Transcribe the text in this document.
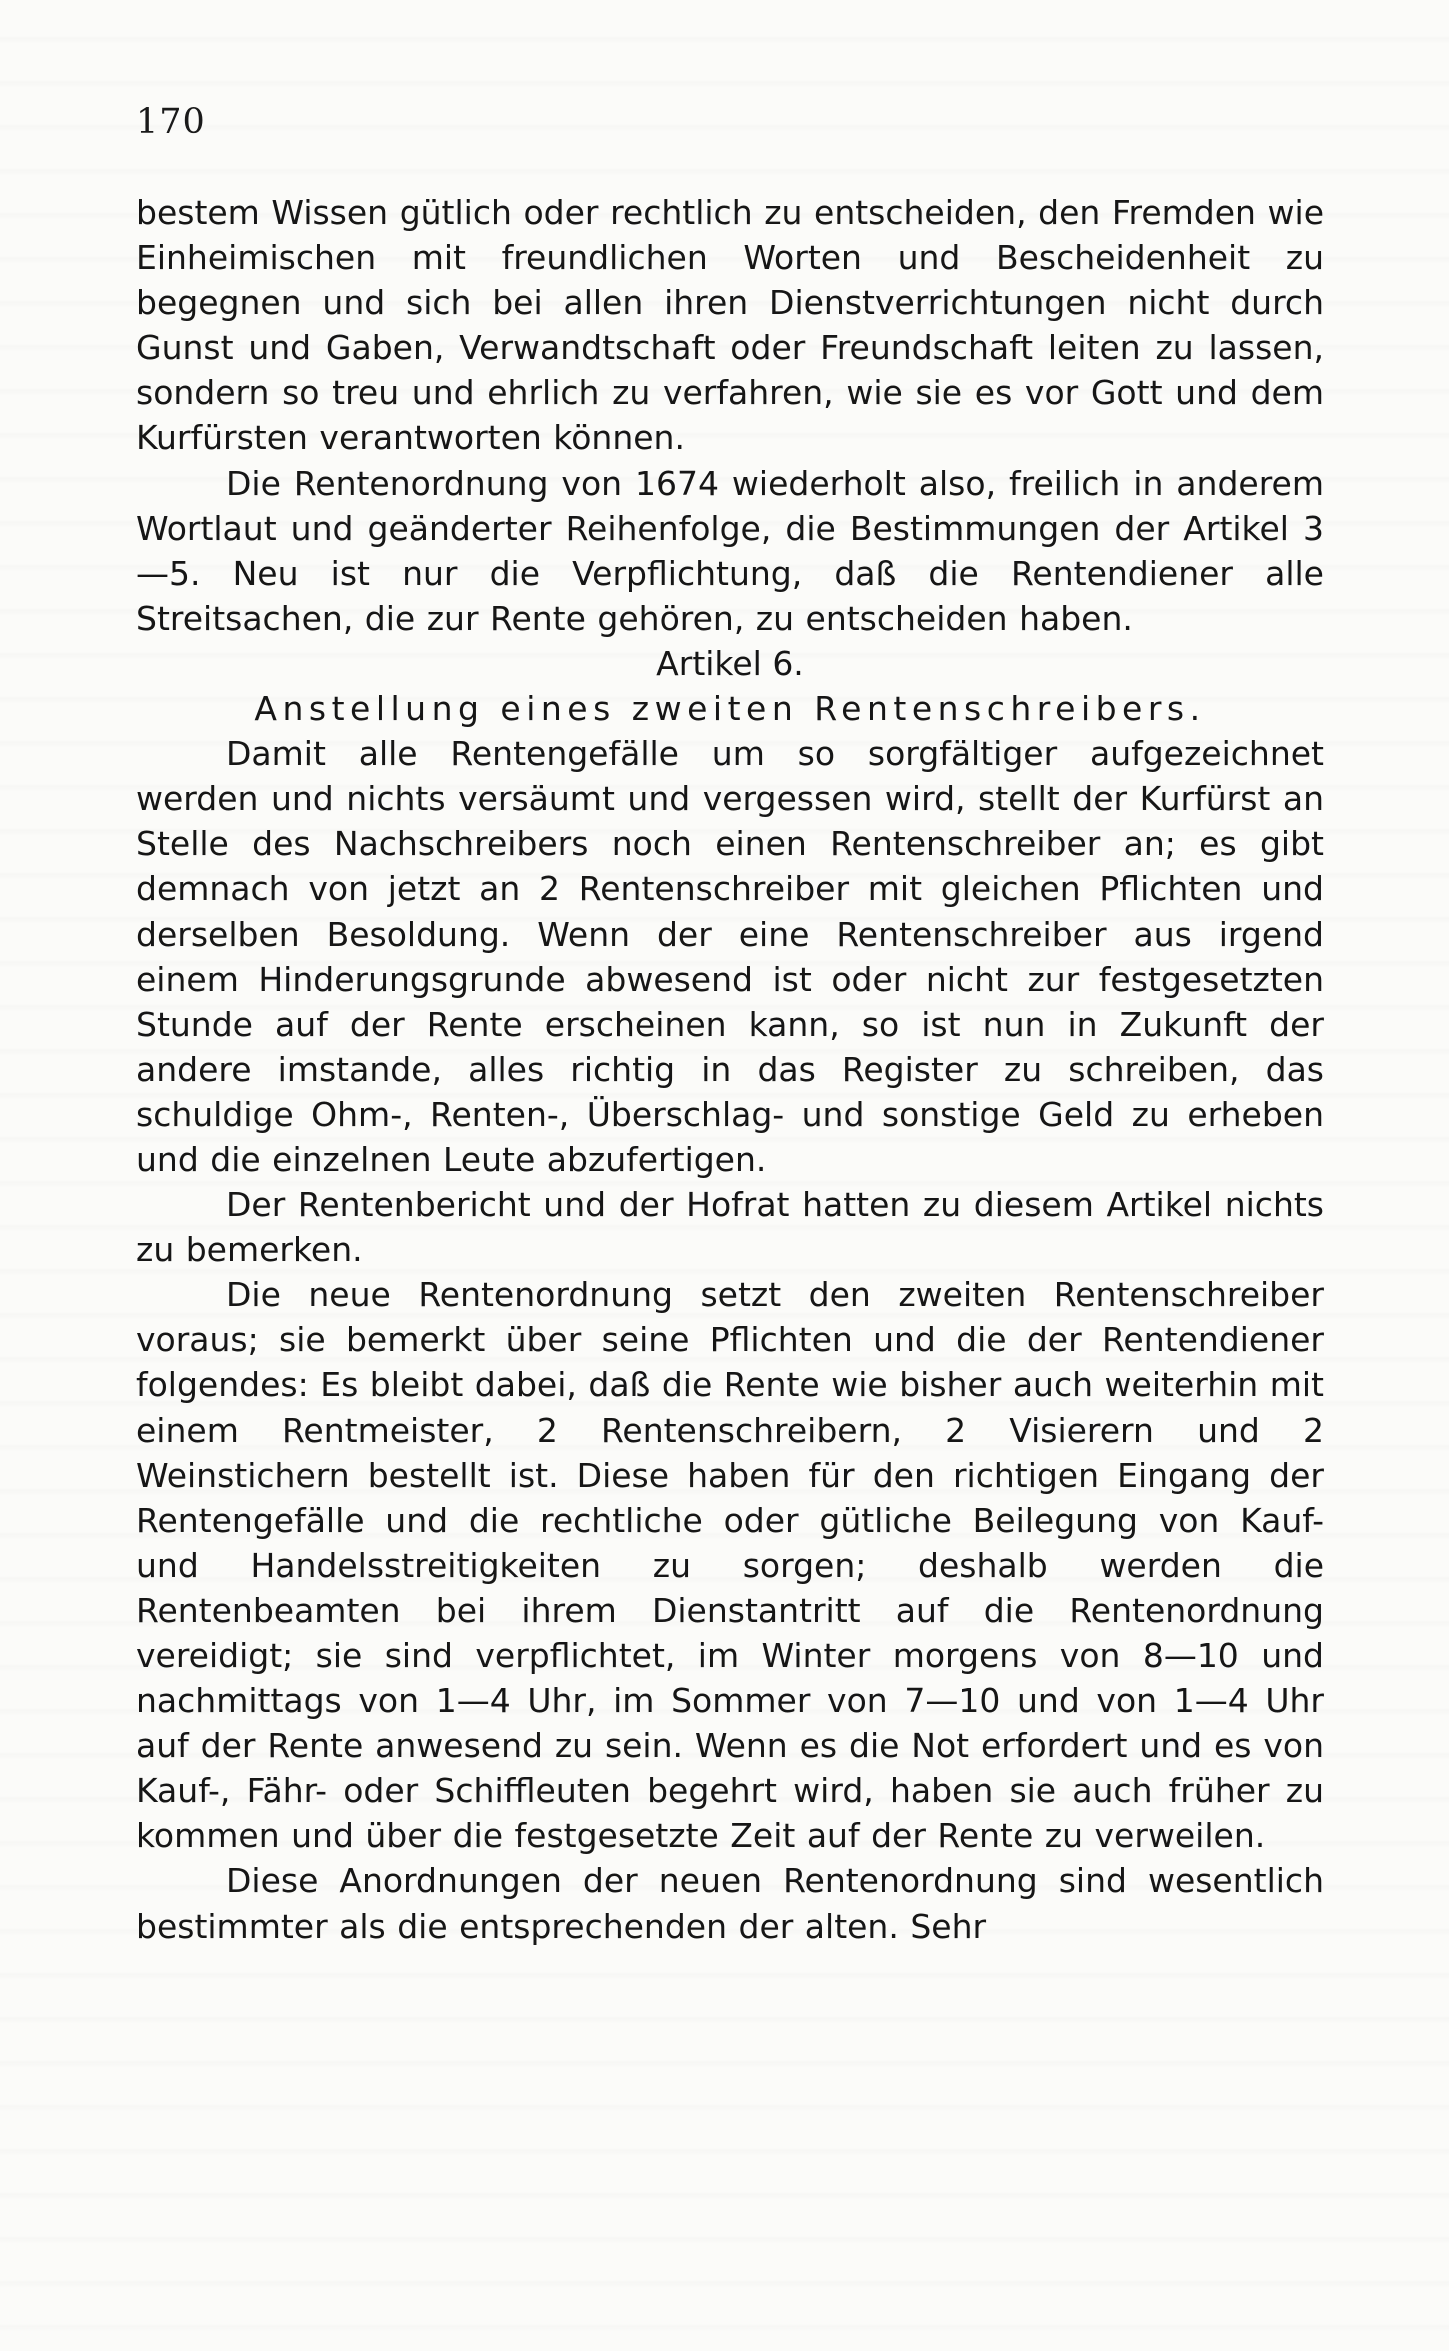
170

bestem Wissen gütlich oder rechtlich zu entscheiden, den Fremden wie Einheimischen mit freundlichen Worten und Bescheidenheit zu begegnen und sich bei allen ihren Dienstverrichtungen nicht durch Gunst und Gaben, Verwandtschaft oder Freundschaft leiten zu lassen, sondern so treu und ehrlich zu verfahren, wie sie es vor Gott und dem Kurfürsten verantworten können.

Die Rentenordnung von 1674 wiederholt also, freilich in anderem Wortlaut und geänderter Reihenfolge, die Bestimmungen der Artikel 3—5. Neu ist nur die Verpflichtung, daß die Rentendiener alle Streitsachen, die zur Rente gehören, zu entscheiden haben.

Artikel 6.

Anstellung eines zweiten Rentenschreibers.

Damit alle Rentengefälle um so sorgfältiger aufgezeichnet werden und nichts versäumt und vergessen wird, stellt der Kurfürst an Stelle des Nachschreibers noch einen Rentenschreiber an; es gibt demnach von jetzt an 2 Rentenschreiber mit gleichen Pflichten und derselben Besoldung. Wenn der eine Rentenschreiber aus irgend einem Hinderungsgrunde abwesend ist oder nicht zur festgesetzten Stunde auf der Rente erscheinen kann, so ist nun in Zukunft der andere imstande, alles richtig in das Register zu schreiben, das schuldige Ohm-, Renten-, Überschlag- und sonstige Geld zu erheben und die einzelnen Leute abzufertigen.

Der Rentenbericht und der Hofrat hatten zu diesem Artikel nichts zu bemerken.

Die neue Rentenordnung setzt den zweiten Rentenschreiber voraus; sie bemerkt über seine Pflichten und die der Rentendiener folgendes: Es bleibt dabei, daß die Rente wie bisher auch weiterhin mit einem Rentmeister, 2 Rentenschreibern, 2 Visierern und 2 Weinstichern bestellt ist. Diese haben für den richtigen Eingang der Rentengefälle und die rechtliche oder gütliche Beilegung von Kauf- und Handelsstreitigkeiten zu sorgen; deshalb werden die Rentenbeamten bei ihrem Dienstantritt auf die Rentenordnung vereidigt; sie sind verpflichtet, im Winter morgens von 8—10 und nachmittags von 1—4 Uhr, im Sommer von 7—10 und von 1—4 Uhr auf der Rente anwesend zu sein. Wenn es die Not erfordert und es von Kauf-, Fähr- oder Schiffleuten begehrt wird, haben sie auch früher zu kommen und über die festgesetzte Zeit auf der Rente zu verweilen.

Diese Anordnungen der neuen Rentenordnung sind wesentlich bestimmter als die entsprechenden der alten. Sehr
